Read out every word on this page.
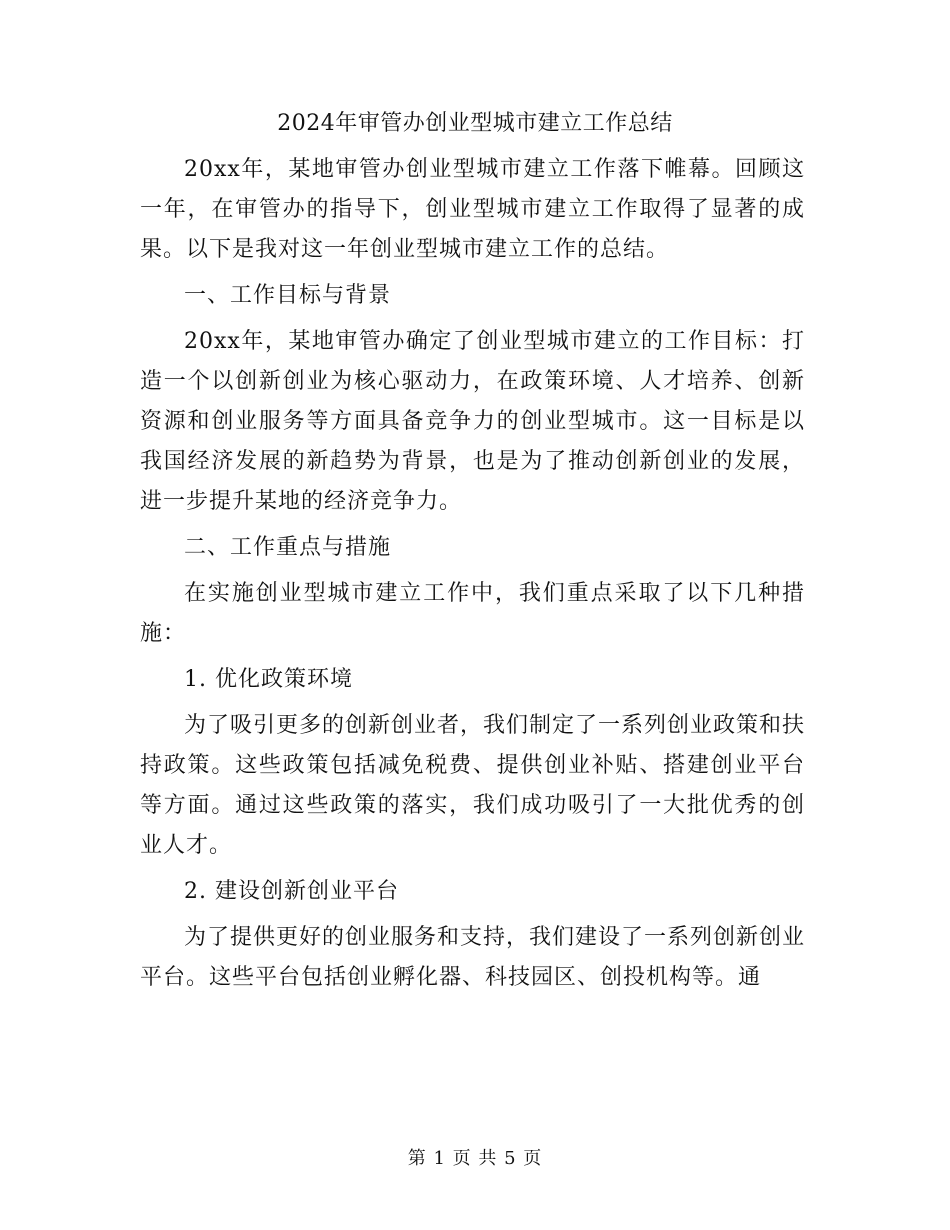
2024年审管办创业型城市建立工作总结

20xx年，某地审管办创业型城市建立工作落下帷幕。回顾这一年，在审管办的指导下，创业型城市建立工作取得了显著的成果。以下是我对这一年创业型城市建立工作的总结。

一、工作目标与背景

20xx年，某地审管办确定了创业型城市建立的工作目标：打造一个以创新创业为核心驱动力，在政策环境、人才培养、创新资源和创业服务等方面具备竞争力的创业型城市。这一目标是以我国经济发展的新趋势为背景，也是为了推动创新创业的发展，进一步提升某地的经济竞争力。

二、工作重点与措施

在实施创业型城市建立工作中，我们重点采取了以下几种措施：

1. 优化政策环境

为了吸引更多的创新创业者，我们制定了一系列创业政策和扶持政策。这些政策包括减免税费、提供创业补贴、搭建创业平台等方面。通过这些政策的落实，我们成功吸引了一大批优秀的创业人才。

2. 建设创新创业平台

为了提供更好的创业服务和支持，我们建设了一系列创新创业平台。这些平台包括创业孵化器、科技园区、创投机构等。通

第 1 页 共 5 页
